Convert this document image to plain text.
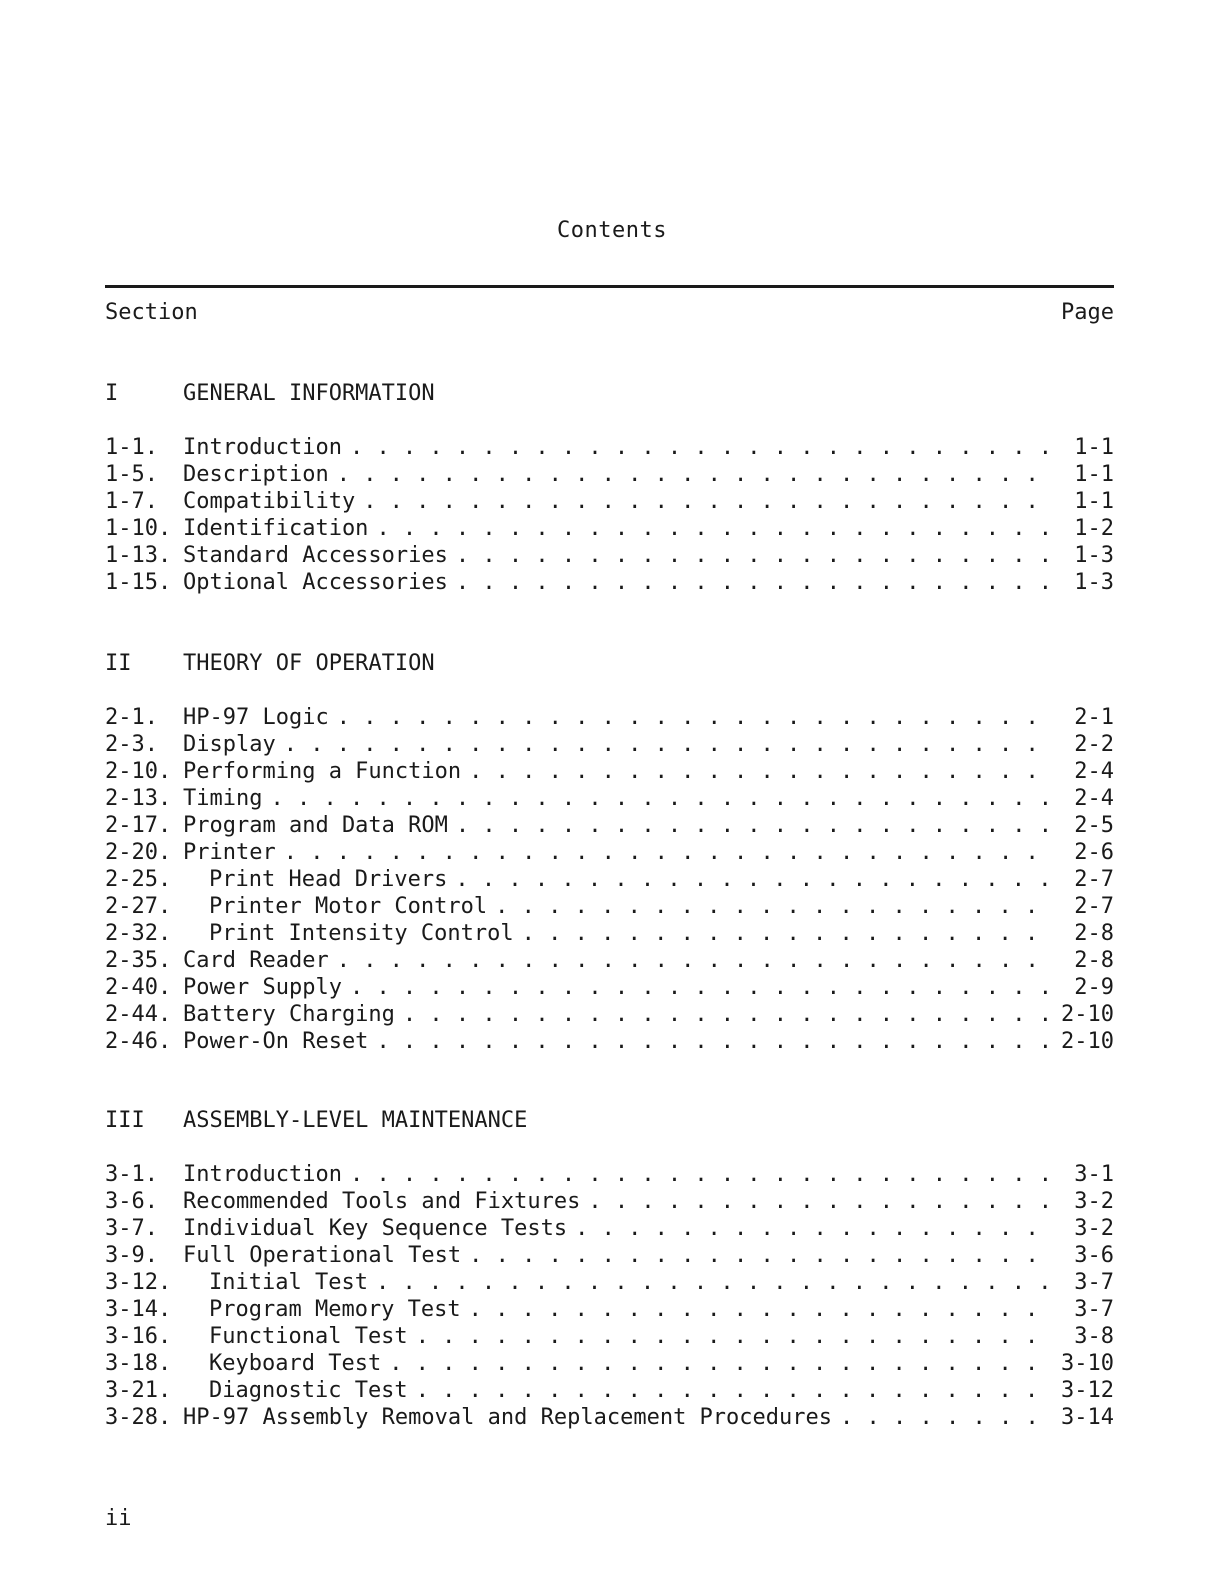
Contents
Section	Page
I	GENERAL INFORMATION
1-1.	Introduction . . .	1-1
1-5.	Description . . .	1-1
1-7.	Compatibility . . .	1-1
1-10. Identification . . .	1-2
1-13. Standard Accessories . . .	1-3
1-15. Optional Accessories . . .	1-3
II	THEORY OF OPERATION
2-1.	HP-97 Logic . . .	2-1
2-3.	Display . . .	2-2
2-10. Performing a Function . . .	2-4
2-13. Timing . . .	2-4
2-17. Program and Data ROM . . .	2-5
2-20. Printer . . .	2-6
2-25.	Print Head Drivers . . .	2-7
2-27.	Printer Motor Control . . .	2-7
2-32.	Print Intensity Control . . .	2-8
2-35. Card Reader . . .	2-8
2-40. Power Supply . . .	2-9
2-44. Battery Charging . . .	2-10
2-46. Power-On Reset . . .	2-10
III	ASSEMBLY-LEVEL MAINTENANCE
3-1.	Introduction . . .	3-1
3-6.	Recommended Tools and Fixtures . . .	3-2
3-7.	Individual Key Sequence Tests . . .	3-2
3-9.	Full Operational Test . . .	3-6
3-12.	Initial Test . . .	3-7
3-14.	Program Memory Test . . .	3-7
3-16.	Functional Test . . .	3-8
3-18.	Keyboard Test . . .	3-10
3-21.	Diagnostic Test . . .	3-12
3-28. HP-97 Assembly Removal and Replacement Procedures . . .	3-14
ii
